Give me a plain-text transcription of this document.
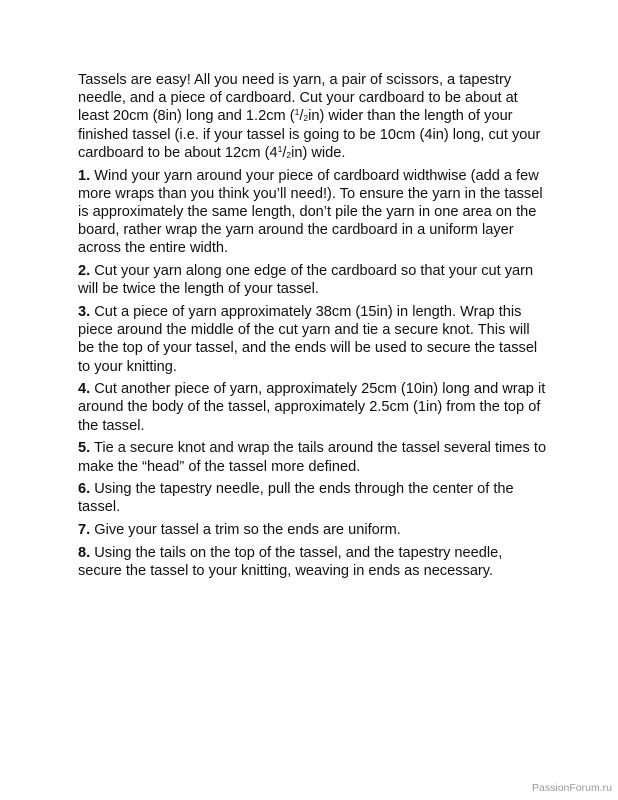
Tassels are easy! All you need is yarn, a pair of scissors, a tapestry needle, and a piece of cardboard. Cut your cardboard to be about at least 20cm (8in) long and 1.2cm $(^1/_2in)$ wider than the length of your finished tassel (i.e. if your tassel is going to be 10cm (4in) long, cut your cardboard to be about 12cm $(4^1/_2in)$ wide.

1. Wind your yarn around your piece of cardboard widthwise (add a few more wraps than you think you’ll need!). To ensure the yarn in the tassel is approximately the same length, don’t pile the yarn in one area on the board, rather wrap the yarn around the cardboard in a uniform layer across the entire width.

2. Cut your yarn along one edge of the cardboard so that your cut yarn will be twice the length of your tassel.

3. Cut a piece of yarn approximately 38cm (15in) in length. Wrap this piece around the middle of the cut yarn and tie a secure knot. This will be the top of your tassel, and the ends will be used to secure the tassel to your knitting.

4. Cut another piece of yarn, approximately 25cm (10in) long and wrap it around the body of the tassel, approximately 2.5cm (1in) from the top of the tassel.

5. Tie a secure knot and wrap the tails around the tassel several times to make the “head” of the tassel more defined.

6. Using the tapestry needle, pull the ends through the center of the tassel.

7. Give your tassel a trim so the ends are uniform.

8. Using the tails on the top of the tassel, and the tapestry needle, secure the tassel to your knitting, weaving in ends as necessary.

PassionForum.ru
